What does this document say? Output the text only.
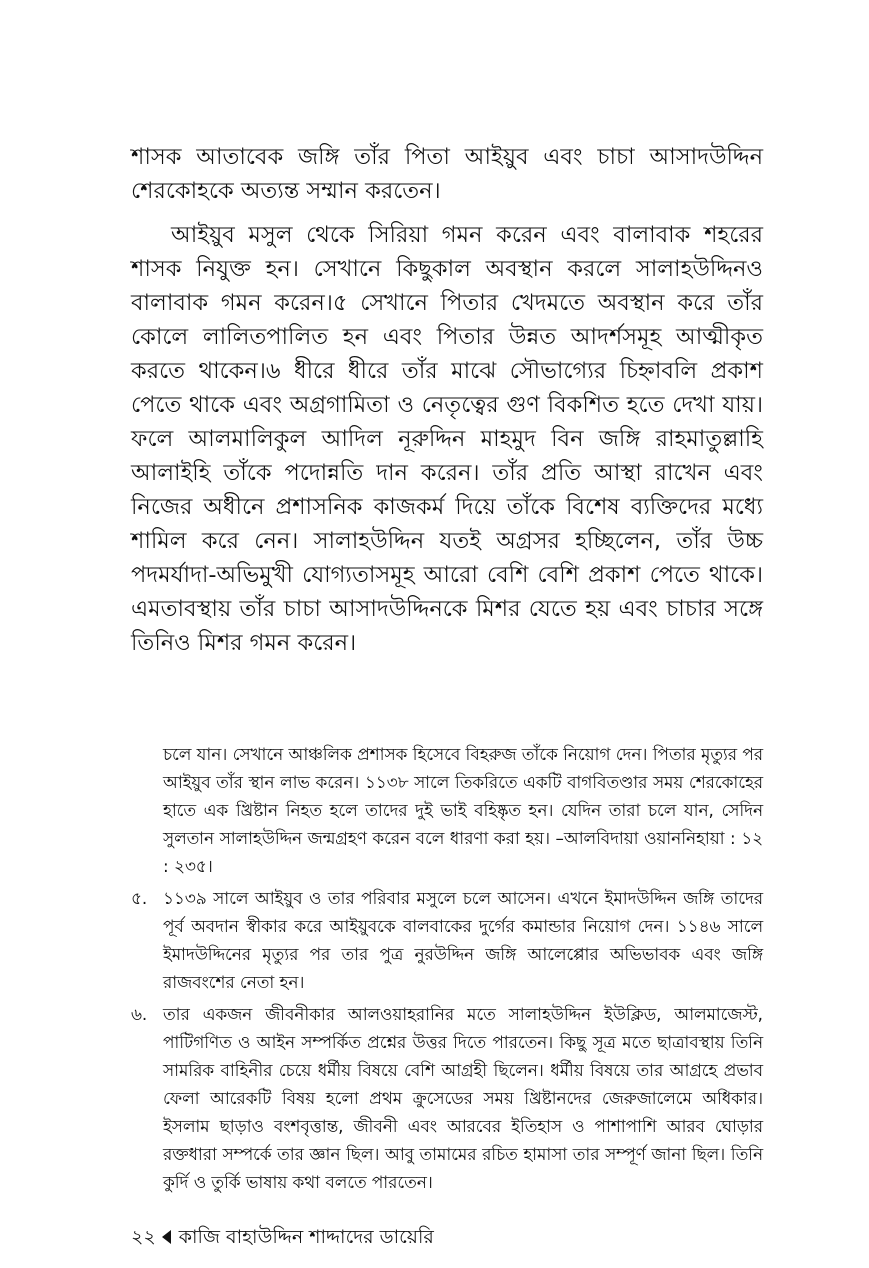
শাসক আতাবেক জঙ্গি তাঁর পিতা আইয়ুব এবং চাচা আসাদউদ্দিন শেরকোহকে অত্যন্ত সম্মান করতেন।

আইয়ুব মসুল থেকে সিরিয়া গমন করেন এবং বালাবাক শহরের শাসক নিযুক্ত হন। সেখানে কিছুকাল অবস্থান করলে সালাহউদ্দিনও বালাবাক গমন করেন।৫ সেখানে পিতার খেদমতে অবস্থান করে তাঁর কোলে লালিতপালিত হন এবং পিতার উন্নত আদর্শসমূহ আত্মীকৃত করতে থাকেন।৬ ধীরে ধীরে তাঁর মাঝে সৌভাগ্যের চিহ্নাবলি প্রকাশ পেতে থাকে এবং অগ্রগামিতা ও নেতৃত্বের গুণ বিকশিত হতে দেখা যায়। ফলে আলমালিকুল আদিল নূরুদ্দিন মাহমুদ বিন জঙ্গি রাহমাতুল্লাহি আলাইহি তাঁকে পদোন্নতি দান করেন। তাঁর প্রতি আস্থা রাখেন এবং নিজের অধীনে প্রশাসনিক কাজকর্ম দিয়ে তাঁকে বিশেষ ব্যক্তিদের মধ্যে শামিল করে নেন। সালাহউদ্দিন যতই অগ্রসর হচ্ছিলেন, তাঁর উচ্চ পদমর্যাদা-অভিমুখী যোগ্যতাসমূহ আরো বেশি বেশি প্রকাশ পেতে থাকে। এমতাবস্থায় তাঁর চাচা আসাদউদ্দিনকে মিশর যেতে হয় এবং চাচার সঙ্গে তিনিও মিশর গমন করেন।

চলে যান। সেখানে আঞ্চলিক প্রশাসক হিসেবে বিহরুজ তাঁকে নিয়োগ দেন। পিতার মৃত্যুর পর আইয়ুব তাঁর স্থান লাভ করেন। ১১৩৮ সালে তিকরিতে একটি বাগবিতণ্ডার সময় শেরকোহের হাতে এক খ্রিষ্টান নিহত হলে তাদের দুই ভাই বহিষ্কৃত হন। যেদিন তারা চলে যান, সেদিন সুলতান সালাহউদ্দিন জন্মগ্রহণ করেন বলে ধারণা করা হয়। –আলবিদায়া ওয়াননিহায়া : ১২ : ২৩৫।
৫. ১১৩৯ সালে আইয়ুব ও তার পরিবার মসুলে চলে আসেন। এখনে ইমাদউদ্দিন জঙ্গি তাদের পূর্ব অবদান স্বীকার করে আইয়ুবকে বালবাকের দুর্গের কমান্ডার নিয়োগ দেন। ১১৪৬ সালে ইমাদউদ্দিনের মৃত্যুর পর তার পুত্র নুরউদ্দিন জঙ্গি আলেপ্পোর অভিভাবক এবং জঙ্গি রাজবংশের নেতা হন।
৬. তার একজন জীবনীকার আলওয়াহরানির মতে সালাহউদ্দিন ইউক্লিড, আলমাজেস্ট, পাটিগণিত ও আইন সম্পর্কিত প্রশ্নের উত্তর দিতে পারতেন। কিছু সূত্র মতে ছাত্রাবস্থায় তিনি সামরিক বাহিনীর চেয়ে ধর্মীয় বিষয়ে বেশি আগ্রহী ছিলেন। ধর্মীয় বিষয়ে তার আগ্রহে প্রভাব ফেলা আরেকটি বিষয় হলো প্রথম ক্রুসেডের সময় খ্রিষ্টানদের জেরুজালেমে অধিকার। ইসলাম ছাড়াও বংশবৃত্তান্ত, জীবনী এবং আরবের ইতিহাস ও পাশাপাশি আরব ঘোড়ার রক্তধারা সম্পর্কে তার জ্ঞান ছিল। আবু তামামের রচিত হামাসা তার সম্পূর্ণ জানা ছিল। তিনি কুর্দি ও তুর্কি ভাষায় কথা বলতে পারতেন।
২২ কাজি বাহাউদ্দিন শাদ্দাদের ডায়েরি
